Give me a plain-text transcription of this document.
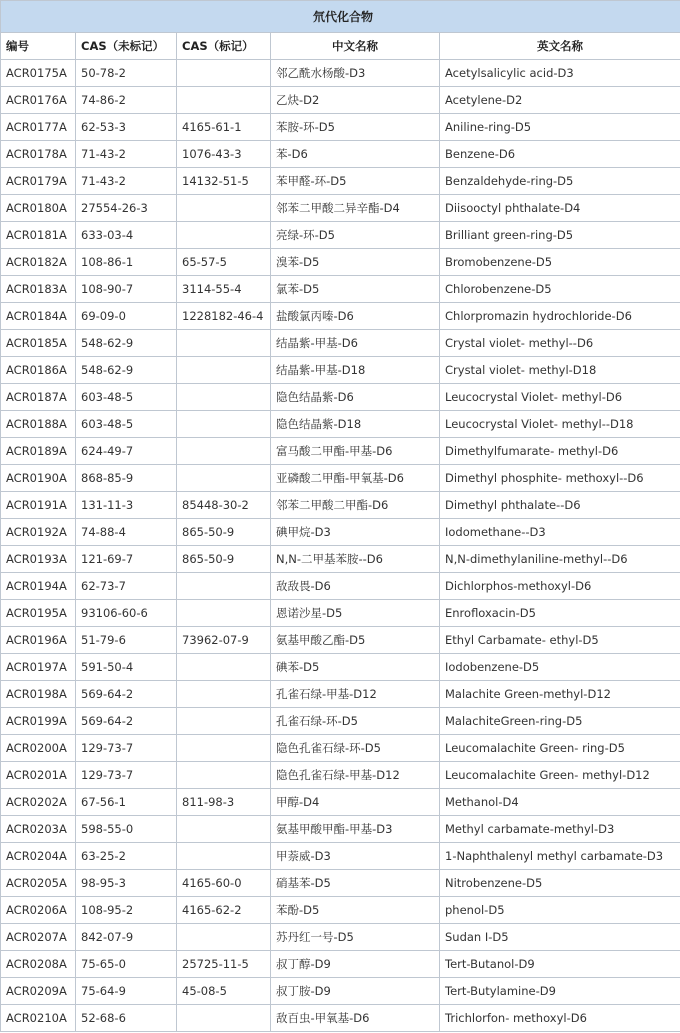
氘代化合物				
编号	CAS（未标记）	CAS（标记）	中文名称	英文名称
ACR0175A	50-78-2		邻乙酰水杨酸-D3	Acetylsalicylic acid-D3
ACR0176A	74-86-2		乙炔-D2	Acetylene-D2
ACR0177A	62-53-3	4165-61-1	苯胺-环-D5	Aniline-ring-D5
ACR0178A	71-43-2	1076-43-3	苯-D6	Benzene-D6
ACR0179A	71-43-2	14132-51-5	苯甲醛-环-D5	Benzaldehyde-ring-D5
ACR0180A	27554-26-3		邻苯二甲酸二异辛酯-D4	Diisooctyl phthalate-D4
ACR0181A	633-03-4		亮绿-环-D5	Brilliant green-ring-D5
ACR0182A	108-86-1	65-57-5	溴苯-D5	Bromobenzene-D5
ACR0183A	108-90-7	3114-55-4	氯苯-D5	Chlorobenzene-D5
ACR0184A	69-09-0	1228182-46-4	盐酸氯丙嗪-D6	Chlorpromazin hydrochloride-D6
ACR0185A	548-62-9		结晶紫-甲基-D6	Crystal violet- methyl--D6
ACR0186A	548-62-9		结晶紫-甲基-D18	Crystal violet- methyl-D18
ACR0187A	603-48-5		隐色结晶紫-D6	Leucocrystal Violet- methyl-D6
ACR0188A	603-48-5		隐色结晶紫-D18	Leucocrystal Violet- methyl--D18
ACR0189A	624-49-7		富马酸二甲酯-甲基-D6	Dimethylfumarate- methyl-D6
ACR0190A	868-85-9		亚磷酸二甲酯-甲氧基-D6	Dimethyl phosphite- methoxyl--D6
ACR0191A	131-11-3	85448-30-2	邻苯二甲酸二甲酯-D6	Dimethyl phthalate--D6
ACR0192A	74-88-4	865-50-9	碘甲烷-D3	Iodomethane--D3
ACR0193A	121-69-7	865-50-9	N,N-二甲基苯胺--D6	N,N-dimethylaniline-methyl--D6
ACR0194A	62-73-7		敌敌畏-D6	Dichlorphos-methoxyl-D6
ACR0195A	93106-60-6		恩诺沙星-D5	Enrofloxacin-D5
ACR0196A	51-79-6	73962-07-9	氨基甲酸乙酯-D5	Ethyl Carbamate- ethyl-D5
ACR0197A	591-50-4		碘苯-D5	Iodobenzene-D5
ACR0198A	569-64-2		孔雀石绿-甲基-D12	Malachite Green-methyl-D12
ACR0199A	569-64-2		孔雀石绿-环-D5	MalachiteGreen-ring-D5
ACR0200A	129-73-7		隐色孔雀石绿-环-D5	Leucomalachite Green- ring-D5
ACR0201A	129-73-7		隐色孔雀石绿-甲基-D12	Leucomalachite Green- methyl-D12
ACR0202A	67-56-1	811-98-3	甲醇-D4	Methanol-D4
ACR0203A	598-55-0		氨基甲酸甲酯-甲基-D3	Methyl carbamate-methyl-D3
ACR0204A	63-25-2		甲萘威-D3	1-Naphthalenyl methyl carbamate-D3
ACR0205A	98-95-3	4165-60-0	硝基苯-D5	Nitrobenzene-D5
ACR0206A	108-95-2	4165-62-2	苯酚-D5	phenol-D5
ACR0207A	842-07-9		苏丹红一号-D5	Sudan I-D5
ACR0208A	75-65-0	25725-11-5	叔丁醇-D9	Tert-Butanol-D9
ACR0209A	75-64-9	45-08-5	叔丁胺-D9	Tert-Butylamine-D9
ACR0210A	52-68-6		敌百虫-甲氧基-D6	Trichlorfon- methoxyl-D6
